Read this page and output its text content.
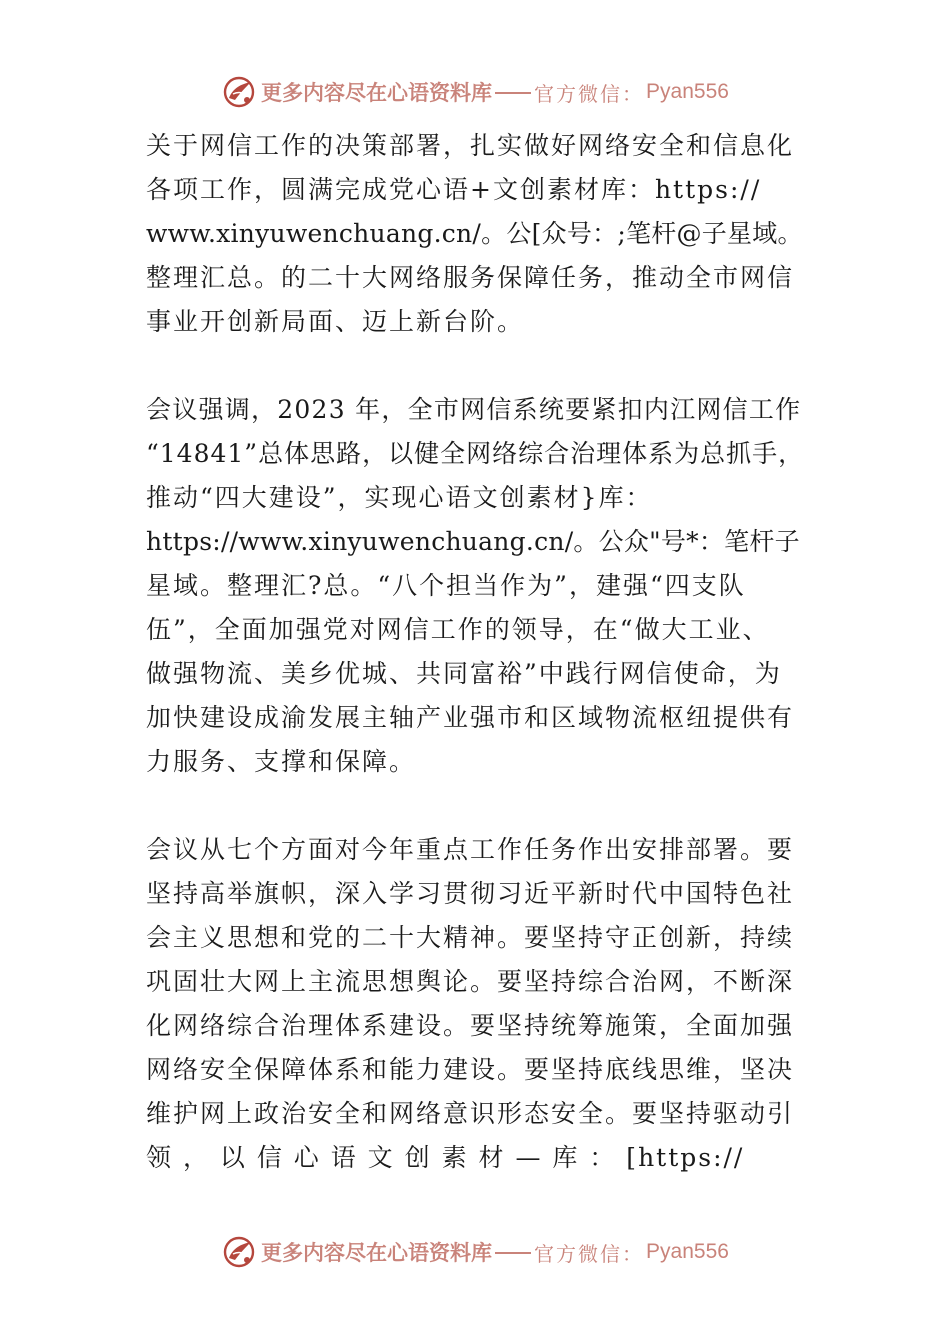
更多内容尽在心语资料库 官方微信： Pyan556

关于网信工作的决策部署，扎实做好网络安全和信息化
各项工作，圆满完成党心语+文创素材库：https://
www.xinyuwenchuang.cn/。公[众号：;笔杆@子星域。
整理汇总。的二十大网络服务保障任务，推动全市网信
事业开创新局面、迈上新台阶。

会议强调，2023 年，全市网信系统要紧扣内江网信工作
“14841”总体思路，以健全网络综合治理体系为总抓手，
推动“四大建设”，实现心语文创素材}库：
https://www.xinyuwenchuang.cn/。公众"号*：笔杆子
星域。整理汇?总。“八个担当作为”，建强“四支队
伍”，全面加强党对网信工作的领导，在“做大工业、
做强物流、美乡优城、共同富裕”中践行网信使命，为
加快建设成渝发展主轴产业强市和区域物流枢纽提供有
力服务、支撑和保障。

会议从七个方面对今年重点工作任务作出安排部署。要
坚持高举旗帜，深入学习贯彻习近平新时代中国特色社
会主义思想和党的二十大精神。要坚持守正创新，持续
巩固壮大网上主流思想舆论。要坚持综合治网，不断深
化网络综合治理体系建设。要坚持统筹施策，全面加强
网络安全保障体系和能力建设。要坚持底线思维，坚决
维护网上政治安全和网络意识形态安全。要坚持驱动引
领 ， 以 信 心 语 文 创 素 材 — 库 ： [https://

更多内容尽在心语资料库 官方微信： Pyan556
